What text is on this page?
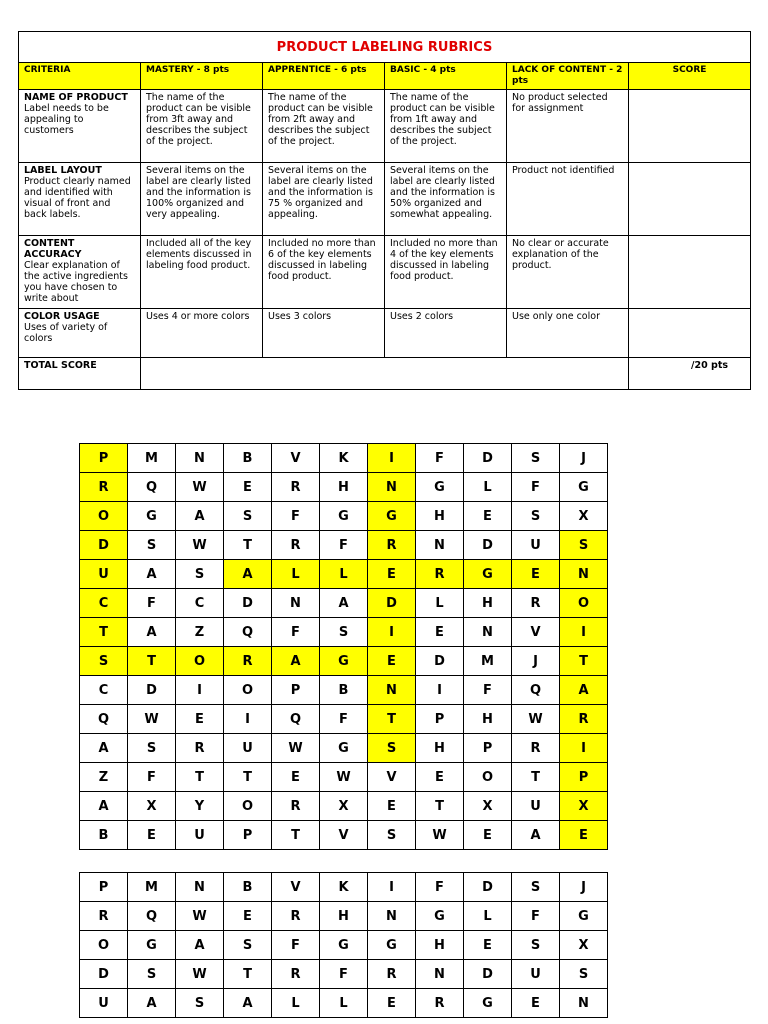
PRODUCT LABELING RUBRICS					
CRITERIA	MASTERY - 8 pts	APPRENTICE - 6 pts	BASIC - 4 pts	LACK OF CONTENT - 2 pts	SCORE

NAME OF PRODUCT
Label needs to be appealing to customers	The name of the product can be visible from 3ft away and describes the subject of the project.	The name of the product can be visible from 2ft away and describes the subject of the project.	The name of the product can be visible from 1ft away and describes the subject of the project.	No product selected for assignment	

LABEL LAYOUT
Product clearly named and identified with visual of front and back labels.	Several items on the label are clearly listed and the information is 100% organized and very appealing.	Several items on the label are clearly listed and the information is 75 % organized and appealing.	Several items on the label are clearly listed and the information is 50% organized and somewhat appealing.	Product not identified	

CONTENT ACCURACY
Clear explanation of the active ingredients you have chosen to write about	Included all of the key elements discussed in labeling food product.	Included no more than 6 of the key elements discussed in labeling food product.	Included no more than 4 of the key elements discussed in labeling food product.	No clear or accurate explanation of the product.	

COLOR USAGE
Uses of variety of colors	Uses 4 or more colors	Uses 3 colors	Uses 2 colors	Use only one color	
TOTAL SCORE					/20 pts
P	M	N	B	V	K	I	F	D	S	J
R	Q	W	E	R	H	N	G	L	F	G
O	G	A	S	F	G	G	H	E	S	X
D	S	W	T	R	F	R	N	D	U	S
U	A	S	A	L	L	E	R	G	E	N
C	F	C	D	N	A	D	L	H	R	O
T	A	Z	Q	F	S	I	E	N	V	I
S	T	O	R	A	G	E	D	M	J	T
C	D	I	O	P	B	N	I	F	Q	A
Q	W	E	I	Q	F	T	P	H	W	R
A	S	R	U	W	G	S	H	P	R	I
Z	F	T	T	E	W	V	E	O	T	P
A	X	Y	O	R	X	E	T	X	U	X
B	E	U	P	T	V	S	W	E	A	E
P	M	N	B	V	K	I	F	D	S	J
R	Q	W	E	R	H	N	G	L	F	G
O	G	A	S	F	G	G	H	E	S	X
D	S	W	T	R	F	R	N	D	U	S
U	A	S	A	L	L	E	R	G	E	N
